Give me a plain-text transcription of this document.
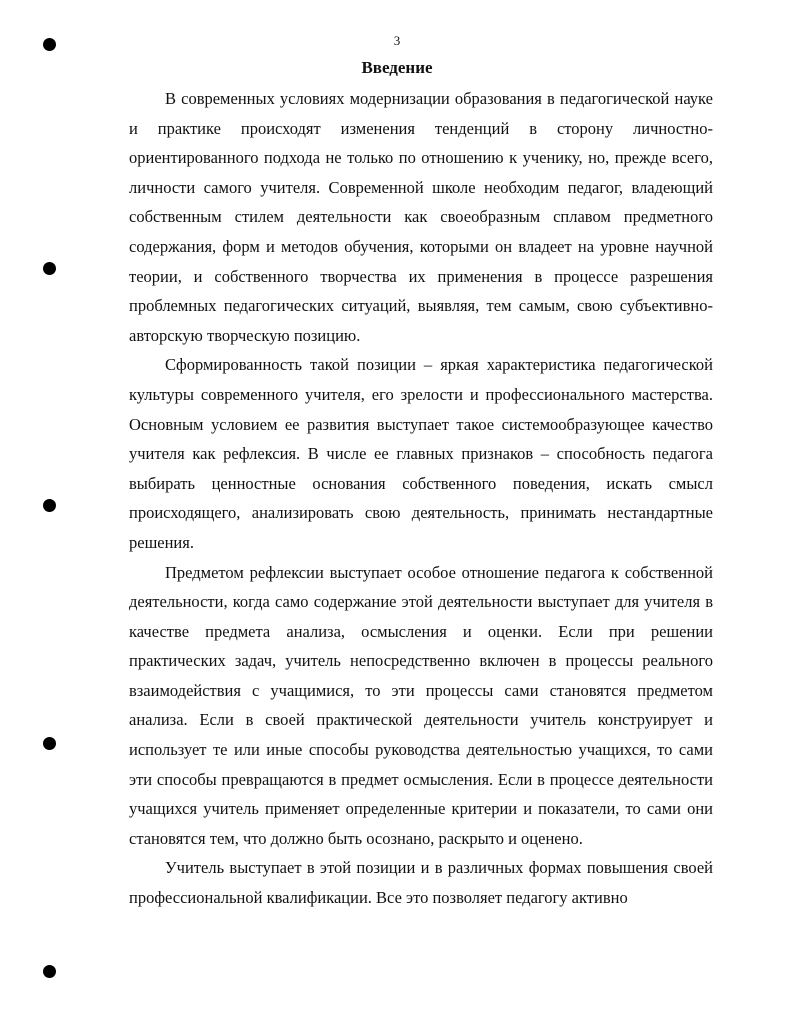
3
Введение

В современных условиях модернизации образования в педагогической науке и практике происходят изменения тенденций в сторону личностно-ориентированного подхода не только по отношению к ученику, но, прежде всего, личности самого учителя. Современной школе необходим педагог, владеющий собственным стилем деятельности как своеобразным сплавом предметного содержания, форм и методов обучения, которыми он владеет на уровне научной теории, и собственного творчества их применения в процессе разрешения проблемных педагогических ситуаций, выявляя, тем самым, свою субъективно-авторскую творческую позицию.

Сформированность такой позиции – яркая характеристика педагогической культуры современного учителя, его зрелости и профессионального мастерства. Основным условием ее развития выступает такое системообразующее качество учителя как рефлексия. В числе ее главных признаков – способность педагога выбирать ценностные основания собственного поведения, искать смысл происходящего, анализировать свою деятельность, принимать нестандартные решения.

Предметом рефлексии выступает особое отношение педагога к собственной деятельности, когда само содержание этой деятельности выступает для учителя в качестве предмета анализа, осмысления и оценки. Если при решении практических задач, учитель непосредственно включен в процессы реального взаимодействия с учащимися, то эти процессы сами становятся предметом анализа. Если в своей практической деятельности учитель конструирует и использует те или иные способы руководства деятельностью учащихся, то сами эти способы превращаются в предмет осмысления. Если в процессе деятельности учащихся учитель применяет определенные критерии и показатели, то сами они становятся тем, что должно быть осознано, раскрыто и оценено.

Учитель выступает в этой позиции и в различных формах повышения своей профессиональной квалификации. Все это позволяет педагогу активно
